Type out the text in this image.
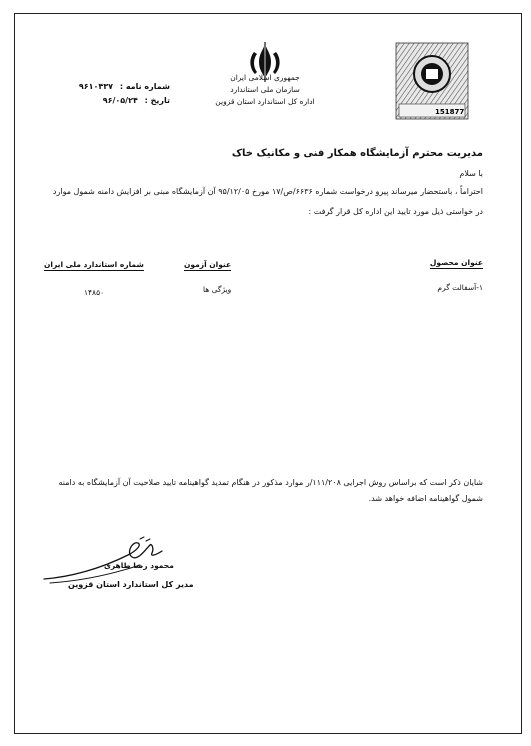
جمهوری اسلامی ایران
سازمان ملی استاندارد
اداره کل استاندارد استان قزوین
شماره نامه : ۹۶۱۰۴۳۷
تاریخ : ۹۶/۰۵/۲۴
151877
مدیریت محترم آزمایشگاه همکار فنی و مکانیک خاک
با سلام
احتراماً ، باستحضار میرساند پیرو درخواست شماره ۶۶۳۶/ص/۱۷ مورخ ۹۵/۱۲/۰۵ آن آزمایشگاه مبنی بر افزایش دامنه شمول موارد در خواستی ذیل مورد تایید این اداره کل قرار گرفت :
عنوان محصول
عنوان آزمون
شماره استاندارد ملی ایران
۱-آسفالت گرم
ویژگی ها
۱۴۸۵۰
شایان ذکر است که براساس روش اجرایی ۱۱۱/۲۰۸/ر موارد مذکور در هنگام تمدید گواهینامه تایید صلاحیت آن آزمایشگاه به دامنه شمول گواهینامه اضافه خواهد شد.
محمود رضا طاهری
مدیر کل استاندارد استان قزوین
